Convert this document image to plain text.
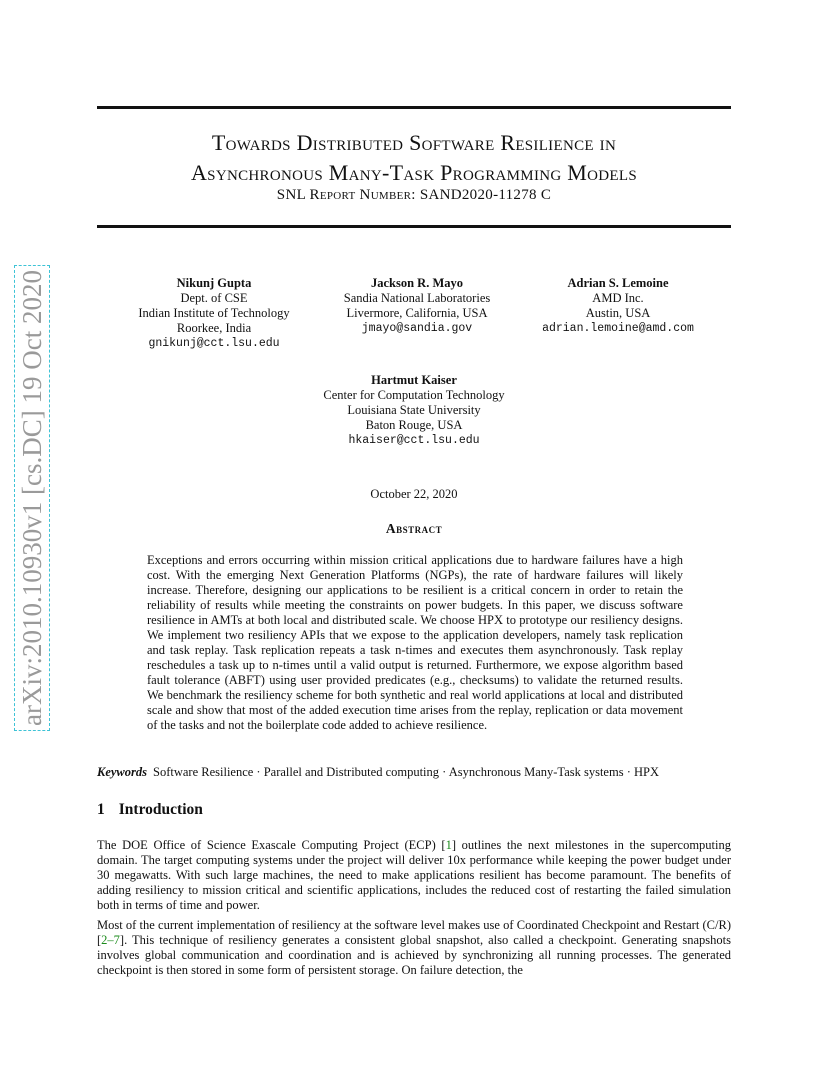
Towards Distributed Software Resilience in
Asynchronous Many-Task Programming Models
SNL Report Number: SAND2020-11278 C
arXiv:2010.10930v1 [cs.DC] 19 Oct 2020	Nikunj Gupta
Dept. of CSE
Indian Institute of Technology
Roorkee, India
gnikunj@cct.lsu.edu
Jackson R. Mayo
Sandia National Laboratories
Livermore, California, USA
jmayo@sandia.gov
Adrian S. Lemoine
AMD Inc.
Austin, USA
adrian.lemoine@amd.com
Hartmut Kaiser
Center for Computation Technology
Louisiana State University
Baton Rouge, USA
hkaiser@cct.lsu.edu
October 22, 2020
Abstract

Exceptions and errors occurring within mission critical applications due to hardware failures have a high cost. With the emerging Next Generation Platforms (NGPs), the rate of hardware failures will likely increase. Therefore, designing our applications to be resilient is a critical concern in order to retain the reliability of results while meeting the constraints on power budgets. In this paper, we discuss software resilience in AMTs at both local and distributed scale. We choose HPX to prototype our resiliency designs. We implement two resiliency APIs that we expose to the application developers, namely task replication and task replay. Task replication repeats a task n-times and executes them asynchronously. Task replay reschedules a task up to n-times until a valid output is returned. Furthermore, we expose algorithm based fault tolerance (ABFT) using user provided predicates (e.g., checksums) to validate the returned results. We benchmark the resiliency scheme for both synthetic and real world applications at local and distributed scale and show that most of the added execution time arises from the replay, replication or data movement of the tasks and not the boilerplate code added to achieve resilience.

Keywords Software Resilience · Parallel and Distributed computing · Asynchronous Many-Task systems · HPX
1 Introduction

The DOE Office of Science Exascale Computing Project (ECP) [1] outlines the next milestones in the supercomputing domain. The target computing systems under the project will deliver 10x performance while keeping the power budget under 30 megawatts. With such large machines, the need to make applications resilient has become paramount. The benefits of adding resiliency to mission critical and scientific applications, includes the reduced cost of restarting the failed simulation both in terms of time and power.

Most of the current implementation of resiliency at the software level makes use of Coordinated Checkpoint and Restart (C/R) [2–7]. This technique of resiliency generates a consistent global snapshot, also called a checkpoint. Generating snapshots involves global communication and coordination and is achieved by synchronizing all running processes. The generated checkpoint is then stored in some form of persistent storage. On failure detection, the
